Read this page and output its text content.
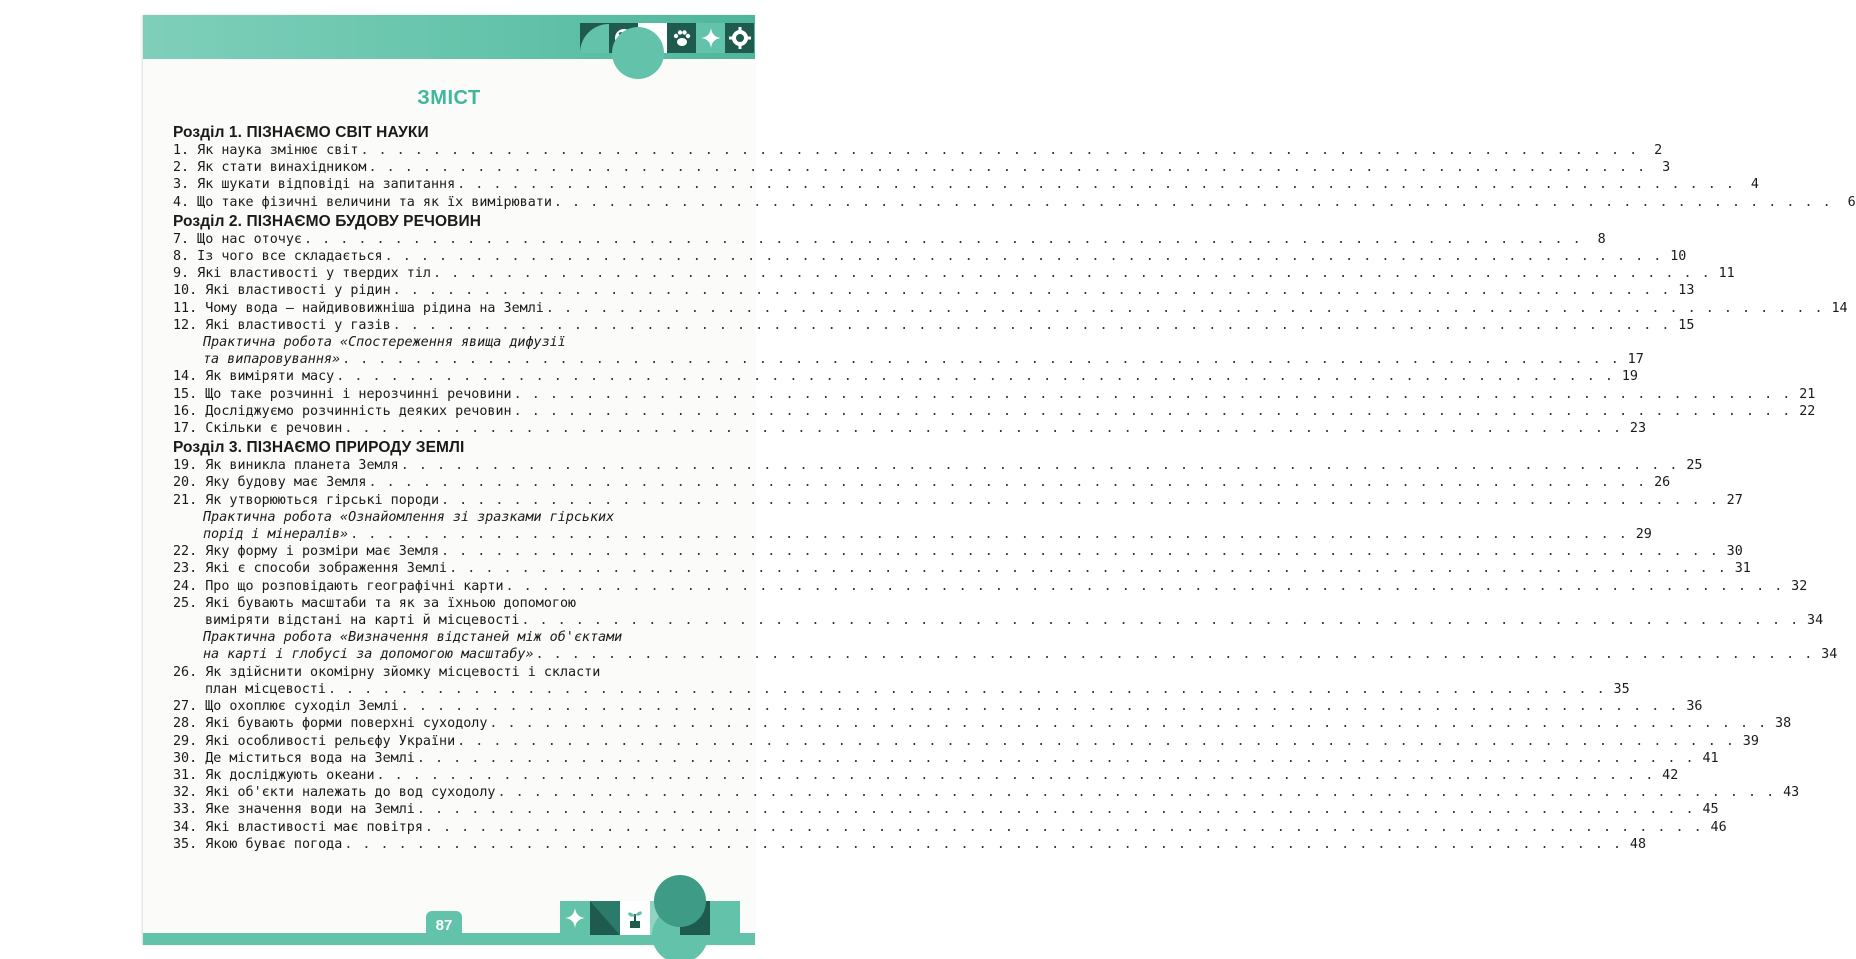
ЗМІСТ
Розділ 1. ПІЗНАЄМО СВІТ НАУКИ
1. Як наука змінює світ . . .	2
2. Як стати винахідником . . .	3
3. Як шукати відповіді на запитання . . .	4
4. Що таке фізичні величини та як їх вимірювати . . .	6
Розділ 2. ПІЗНАЄМО БУДОВУ РЕЧОВИН
7. Що нас оточує . . .	8
8. Із чого все складається . . .	10
9. Які властивості у твердих тіл . . .	11
10. Які властивості у рідин . . .	13
11. Чому вода — найдивовижніша рідина на Землі . . .	14
12. Які властивості у газів . . .	15
Практична робота «Спостереження явища дифузії
та випаровування» . . .	17
14. Як виміряти масу . . .	19
15. Що таке розчинні і нерозчинні речовини . . .	21
16. Досліджуємо розчинність деяких речовин . . .	22
17. Скільки є речовин . . .	23
Розділ 3. ПІЗНАЄМО ПРИРОДУ ЗЕМЛІ
19. Як виникла планета Земля . . .	25
20. Яку будову має Земля . . .	26
21. Як утворюються гірські породи . . .	27
Практична робота «Ознайомлення зі зразками гірських
порід і мінералів» . . .	29
22. Яку форму і розміри має Земля . . .	30
23. Які є способи зображення Землі . . .	31
24. Про що розповідають географічні карти . . .	32
25. Які бувають масштаби та як за їхньою допомогою
виміряти відстані на карті й місцевості . . .	34
Практична робота «Визначення відстаней між об'єктами
на карті і глобусі за допомогою масштабу» . . .	34
26. Як здійснити окомірну зйомку місцевості і скласти
план місцевості . . .	35
27. Що охоплює суходіл Землі . . .	36
28. Які бувають форми поверхні суходолу . . .	38
29. Які особливості рельєфу України . . .	39
30. Де міститься вода на Землі . . .	41
31. Як досліджують океани . . .	42
32. Які об'єкти належать до вод суходолу . . .	43
33. Яке значення води на Землі . . .	45
34. Які властивості має повітря . . .	46
35. Якою буває погода . . .	48
87
